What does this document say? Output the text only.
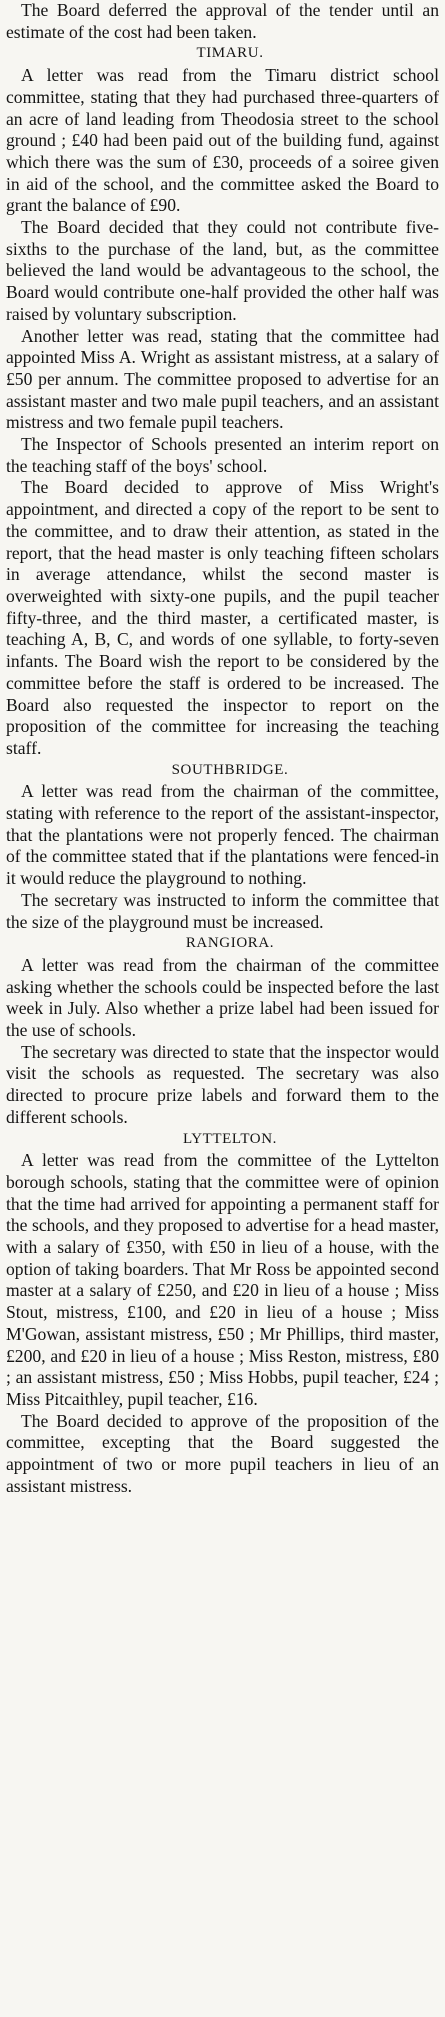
The Board deferred the approval of the tender until an estimate of the cost had been taken.

TIMARU.

A letter was read from the Timaru district school committee, stating that they had purchased three-quarters of an acre of land leading from Theodosia street to the school ground ; £40 had been paid out of the building fund, against which there was the sum of £30, proceeds of a soiree given in aid of the school, and the committee asked the Board to grant the balance of £90.

The Board decided that they could not contribute five-sixths to the purchase of the land, but, as the committee believed the land would be advantageous to the school, the Board would contribute one-half provided the other half was raised by voluntary subscription.

Another letter was read, stating that the committee had appointed Miss A. Wright as assistant mistress, at a salary of £50 per annum. The committee proposed to advertise for an assistant master and two male pupil teachers, and an assistant mistress and two female pupil teachers.

The Inspector of Schools presented an interim report on the teaching staff of the boys' school.

The Board decided to approve of Miss Wright's appointment, and directed a copy of the report to be sent to the committee, and to draw their attention, as stated in the report, that the head master is only teaching fifteen scholars in average attendance, whilst the second master is overweighted with sixty-one pupils, and the pupil teacher fifty-three, and the third master, a certificated master, is teaching A, B, C, and words of one syllable, to forty-seven infants. The Board wish the report to be considered by the committee before the staff is ordered to be increased. The Board also requested the inspector to report on the proposition of the committee for increasing the teaching staff.

SOUTHBRIDGE.

A letter was read from the chairman of the committee, stating with reference to the report of the assistant-inspector, that the plantations were not properly fenced. The chairman of the committee stated that if the plantations were fenced-in it would reduce the playground to nothing.

The secretary was instructed to inform the committee that the size of the playground must be increased.

RANGIORA.

A letter was read from the chairman of the committee asking whether the schools could be inspected before the last week in July. Also whether a prize label had been issued for the use of schools.

The secretary was directed to state that the inspector would visit the schools as requested. The secretary was also directed to procure prize labels and forward them to the different schools.

LYTTELTON.

A letter was read from the committee of the Lyttelton borough schools, stating that the committee were of opinion that the time had arrived for appointing a permanent staff for the schools, and they proposed to advertise for a head master, with a salary of £350, with £50 in lieu of a house, with the option of taking boarders. That Mr Ross be appointed second master at a salary of £250, and £20 in lieu of a house ; Miss Stout, mistress, £100, and £20 in lieu of a house ; Miss M'Gowan, assistant mistress, £50 ; Mr Phillips, third master, £200, and £20 in lieu of a house ; Miss Reston, mistress, £80 ; an assistant mistress, £50 ; Miss Hobbs, pupil teacher, £24 ; Miss Pitcaithley, pupil teacher, £16.

The Board decided to approve of the proposition of the committee, excepting that the Board suggested the appointment of two or more pupil teachers in lieu of an assistant mistress.
